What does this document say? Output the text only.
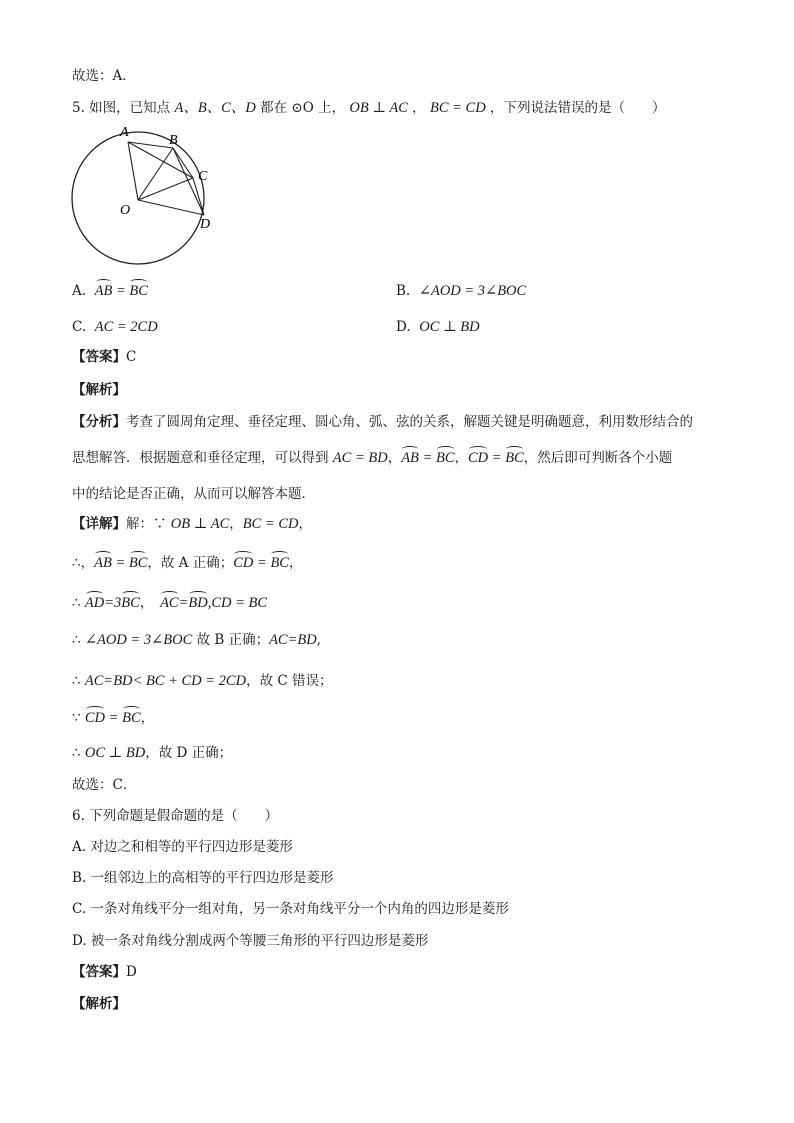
故选：A．
5. 如图，已知点 A、B、C、D 都在 ⊙O 上， OB ⊥ AC ， BC = CD ，下列说法错误的是（　　）
A
B
C
D
O
A. AB = BC	B. ∠AOD = 3∠BOC
C. AC = 2CD	D. OC ⊥ BD
【答案】C
【解析】
【分析】考查了圆周角定理、垂径定理、圆心角、弧、弦的关系，解题关键是明确题意，利用数形结合的
思想解答．根据题意和垂径定理，可以得到 AC = BD，AB = BC，CD = BC，然后即可判断各个小题
中的结论是否正确，从而可以解答本题．
【详解】解：∵ OB ⊥ AC，BC = CD，
∴，AB = BC，故 A 正确；CD = BC，
∴ AD=3BC，　AC=BD,CD = BC
∴ ∠AOD = 3∠BOC 故 B 正确；AC=BD,
∴ AC=BD< BC + CD = 2CD，故 C 错误；
∵ CD = BC，
∴ OC ⊥ BD，故 D 正确；
故选：C．
6. 下列命题是假命题的是（　　）
A. 对边之和相等的平行四边形是菱形
B. 一组邻边上的高相等的平行四边形是菱形
C. 一条对角线平分一组对角，另一条对角线平分一个内角的四边形是菱形
D. 被一条对角线分割成两个等腰三角形的平行四边形是菱形
【答案】D
【解析】
